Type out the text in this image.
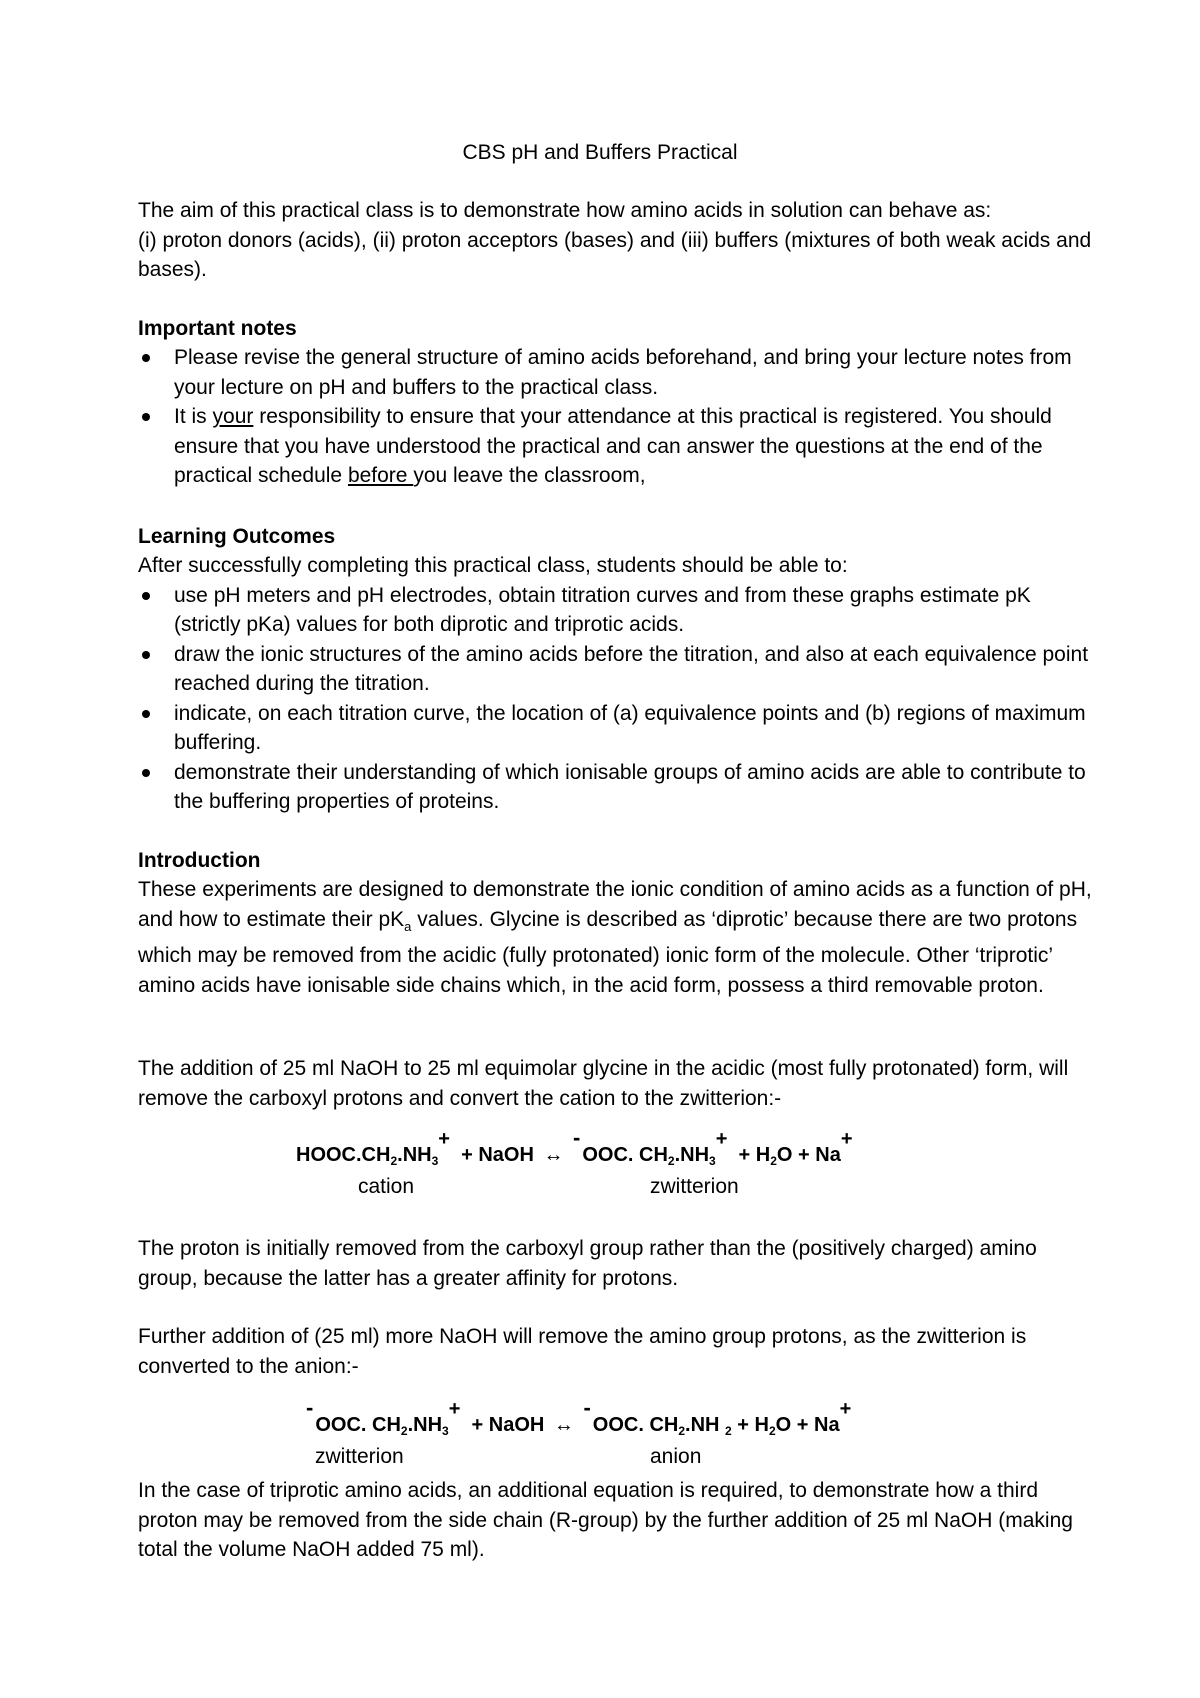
CBS pH and Buffers Practical

The aim of this practical class is to demonstrate how amino acids in solution can behave as:

(i) proton donors (acids), (ii) proton acceptors (bases) and (iii) buffers (mixtures of both weak acids and bases).

Important notes
Please revise the general structure of amino acids beforehand, and bring your lecture notes from your lecture on pH and buffers to the practical class.
It is your responsibility to ensure that your attendance at this practical is registered. You should ensure that you have understood the practical and can answer the questions at the end of the practical schedule before you leave the classroom,
Learning Outcomes

After successfully completing this practical class, students should be able to:

use pH meters and pH electrodes, obtain titration curves and from these graphs estimate pK (strictly pKa) values for both diprotic and triprotic acids.
draw the ionic structures of the amino acids before the titration, and also at each equivalence point reached during the titration.
indicate, on each titration curve, the location of (a) equivalence points and (b) regions of maximum buffering.
demonstrate their understanding of which ionisable groups of amino acids are able to contribute to the buffering properties of proteins.
Introduction

These experiments are designed to demonstrate the ionic condition of amino acids as a function of pH, and how to estimate their $pK_a$ values. Glycine is described as ‘diprotic’ because there are two protons which may be removed from the acidic (fully protonated) ionic form of the molecule. Other ‘triprotic’ amino acids have ionisable side chains which, in the acid form, possess a third removable proton.

The addition of 25 ml NaOH to 25 ml equimolar glycine in the acidic (most fully protonated) form, will remove the carboxyl protons and convert the cation to the zwitterion:-
$HOOC.CH_2.NH_3+$  + NaOH ↔ -OOC. $CH_2.NH_3+ + H_2O + Na+$
cation	zwitterion
The proton is initially removed from the carboxyl group rather than the (positively charged) amino group, because the latter has a greater affinity for protons.
Further addition of (25 ml) more NaOH will remove the amino group protons, as the zwitterion is converted to the anion:-
-OOC. $CH_2.NH_3+$  + NaOH ↔ -OOC. $CH_2.NH$ $_2 + H_2O + Na+$
zwitterion	anion
In the case of triprotic amino acids, an additional equation is required, to demonstrate how a third proton may be removed from the side chain (R-group) by the further addition of 25 ml NaOH (making total the volume NaOH added 75 ml).
